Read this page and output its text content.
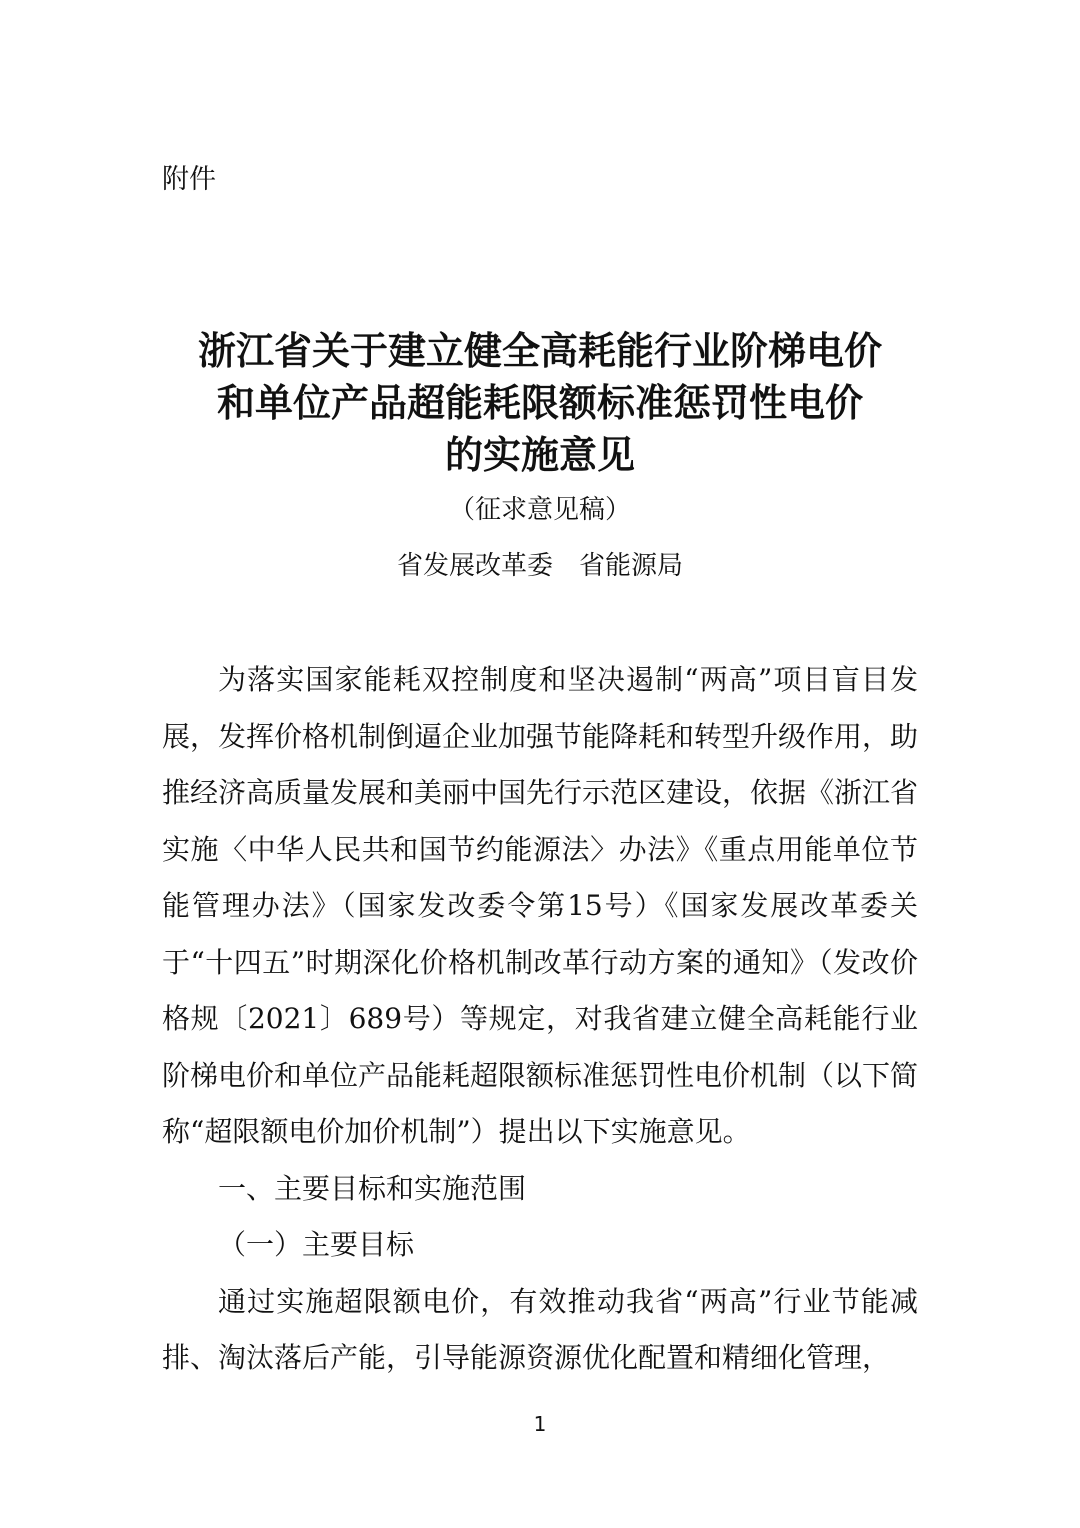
附件

浙江省关于建立健全高耗能行业阶梯电价
和单位产品超能耗限额标准惩罚性电价
的实施意见

（征求意见稿）

省发展改革委　省能源局

为落实国家能耗双控制度和坚决遏制“两高”项目盲目发展，发挥价格机制倒逼企业加强节能降耗和转型升级作用，助推经济高质量发展和美丽中国先行示范区建设，依据《浙江省实施〈中华人民共和国节约能源法〉办法》《重点用能单位节能管理办法》（国家发改委令第15号）《国家发展改革委关于“十四五”时期深化价格机制改革行动方案的通知》（发改价格规〔2021〕689号）等规定，对我省建立健全高耗能行业阶梯电价和单位产品能耗超限额标准惩罚性电价机制（以下简称“超限额电价加价机制”）提出以下实施意见。

一、主要目标和实施范围

（一）主要目标

通过实施超限额电价，有效推动我省“两高”行业节能减排、淘汰落后产能，引导能源资源优化配置和精细化管理，

1
